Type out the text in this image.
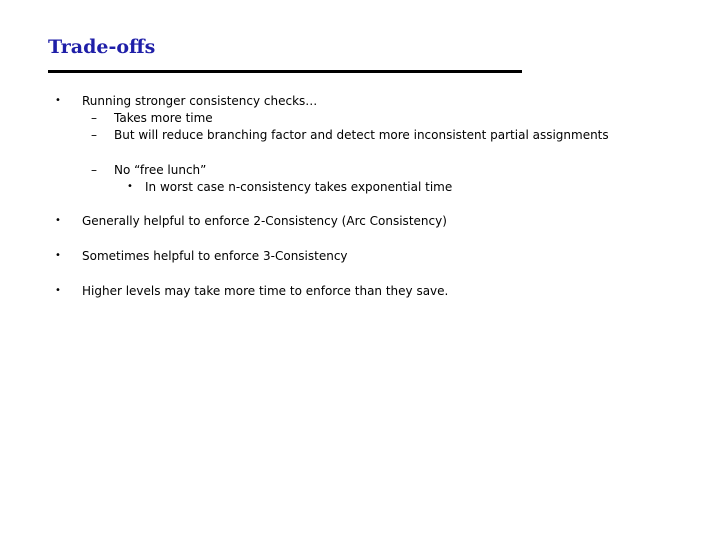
Trade-offs
• Running stronger consistency checks…
– Takes more time
– But will reduce branching factor and detect more inconsistent partial assignments
– No “free lunch”
• In worst case n-consistency takes exponential time
• Generally helpful to enforce 2-Consistency (Arc Consistency)
• Sometimes helpful to enforce 3-Consistency
• Higher levels may take more time to enforce than they save.
